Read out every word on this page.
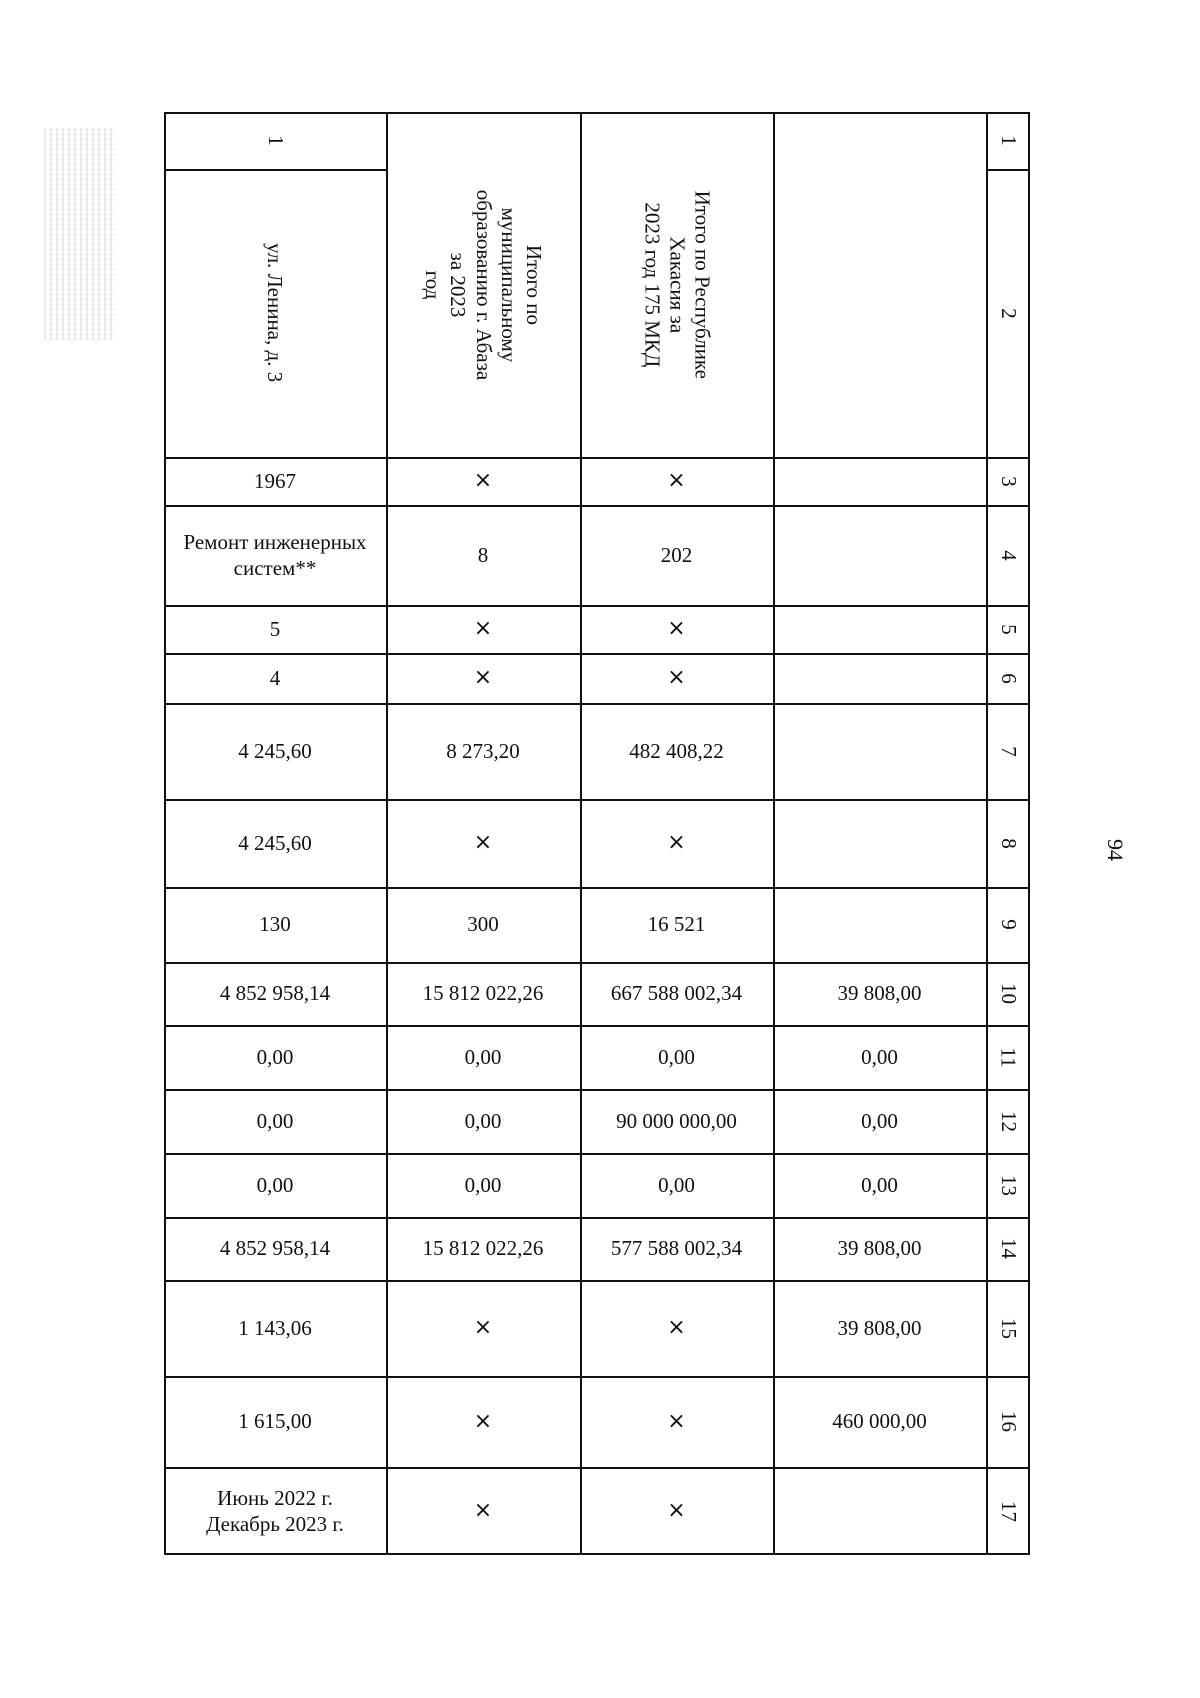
94
1
ул. Ленина, д. 3
1967
Ремонт инженерных систем**
5
4
4 245,60
4 245,60
130
4 852 958,14
0,00
0,00
0,00
4 852 958,14
1 143,06
1 615,00
Июнь 2022 г.
Декабрь 2023 г.
Итого по муниципальному
образованию г. Абаза за 2023
год
×
8
×
×
8 273,20
×
300
15 812 022,26
0,00
0,00
0,00
15 812 022,26
×
×
×
Итого по Республике Хакасия за
2023 год 175 МКД
×
202
×
×
482 408,22
×
16 521
667 588 002,34
0,00
90 000 000,00
0,00
577 588 002,34
×
×
×
39 808,00
0,00
0,00
0,00
39 808,00
39 808,00
460 000,00
1
2
3
4
5
6
7
8
9
10
11
12
13
14
15
16
17
